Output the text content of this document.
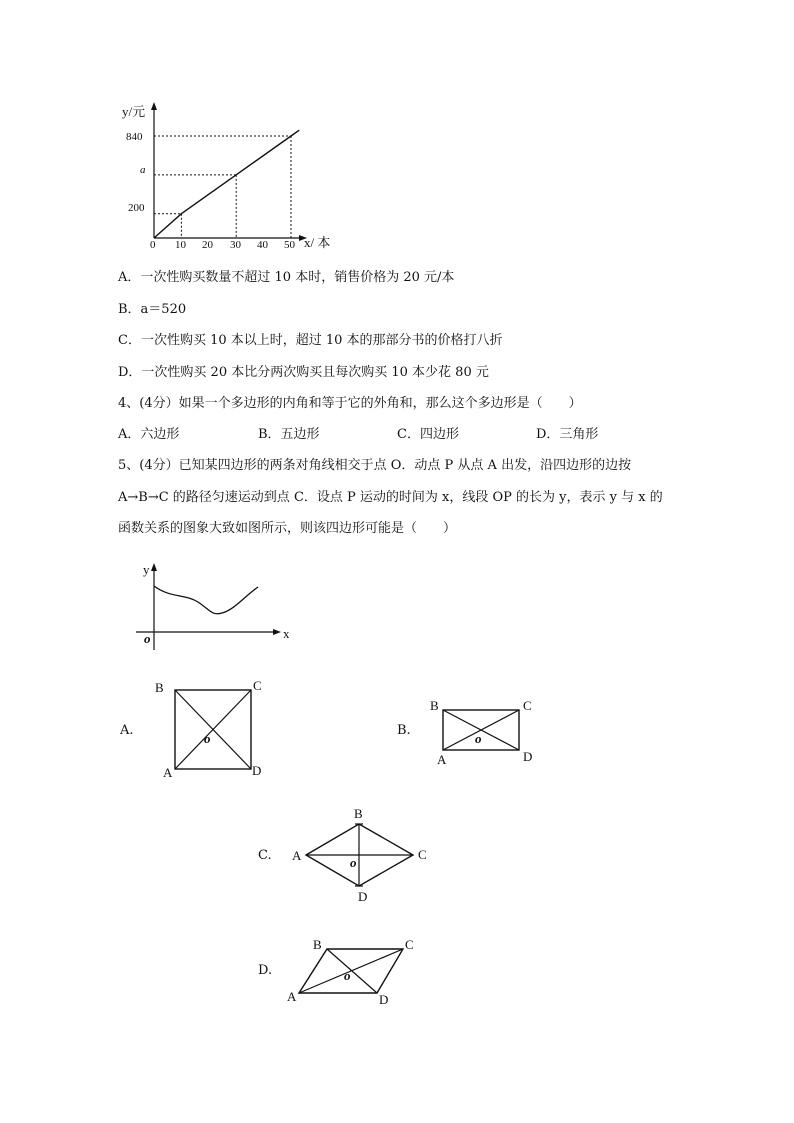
y/元
x/ 本
840
a
200
0 10 20 30 40 50
A．一次性购买数量不超过 10 本时，销售价格为 20 元/本
B．a＝520
C．一次性购买 10 本以上时，超过 10 本的那部分书的价格打八折
D．一次性购买 20 本比分两次购买且每次购买 10 本少花 80 元
4、(4分）如果一个多边形的内角和等于它的外角和，那么这个多边形是（　　）
A．六边形	B．五边形	C．四边形	D．三角形
5、(4分）已知某四边形的两条对角线相交于点 O．动点 P 从点 A 出发，沿四边形的边按
A→B→C 的路径匀速运动到点 C．设点 P 运动的时间为 x，线段 OP 的长为 y，表示 y 与 x 的
函数关系的图象大致如图所示，则该四边形可能是（　　）
y
x
o
A.
B	C
A	D
o
B.
B	C
A	D
o
C.
B
A	C
D
o
D.
B	C
A	D
o
